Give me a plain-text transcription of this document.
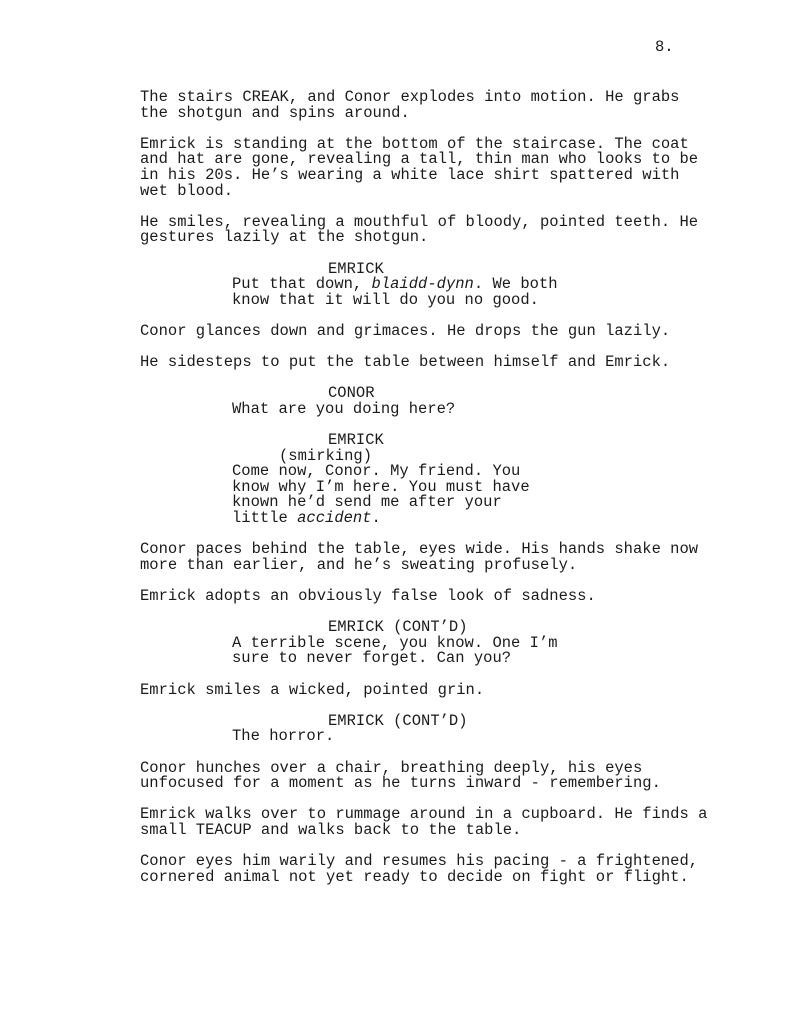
8.
The stairs CREAK, and Conor explodes into motion. He grabs
the shotgun and spins around.
Emrick is standing at the bottom of the staircase. The coat
and hat are gone, revealing a tall, thin man who looks to be
in his 20s. He’s wearing a white lace shirt spattered with
wet blood.
He smiles, revealing a mouthful of bloody, pointed teeth. He
gestures lazily at the shotgun.
EMRICK
Put that down, blaidd-dynn. We both
know that it will do you no good.
Conor glances down and grimaces. He drops the gun lazily.
He sidesteps to put the table between himself and Emrick.
CONOR
What are you doing here?
EMRICK
(smirking)
Come now, Conor. My friend. You
know why I’m here. You must have
known he’d send me after your
little accident.
Conor paces behind the table, eyes wide. His hands shake now
more than earlier, and he’s sweating profusely.
Emrick adopts an obviously false look of sadness.
EMRICK (CONT’D)
A terrible scene, you know. One I’m
sure to never forget. Can you?
Emrick smiles a wicked, pointed grin.
EMRICK (CONT’D)
The horror.
Conor hunches over a chair, breathing deeply, his eyes
unfocused for a moment as he turns inward - remembering.
Emrick walks over to rummage around in a cupboard. He finds a
small TEACUP and walks back to the table.
Conor eyes him warily and resumes his pacing - a frightened,
cornered animal not yet ready to decide on fight or flight.
